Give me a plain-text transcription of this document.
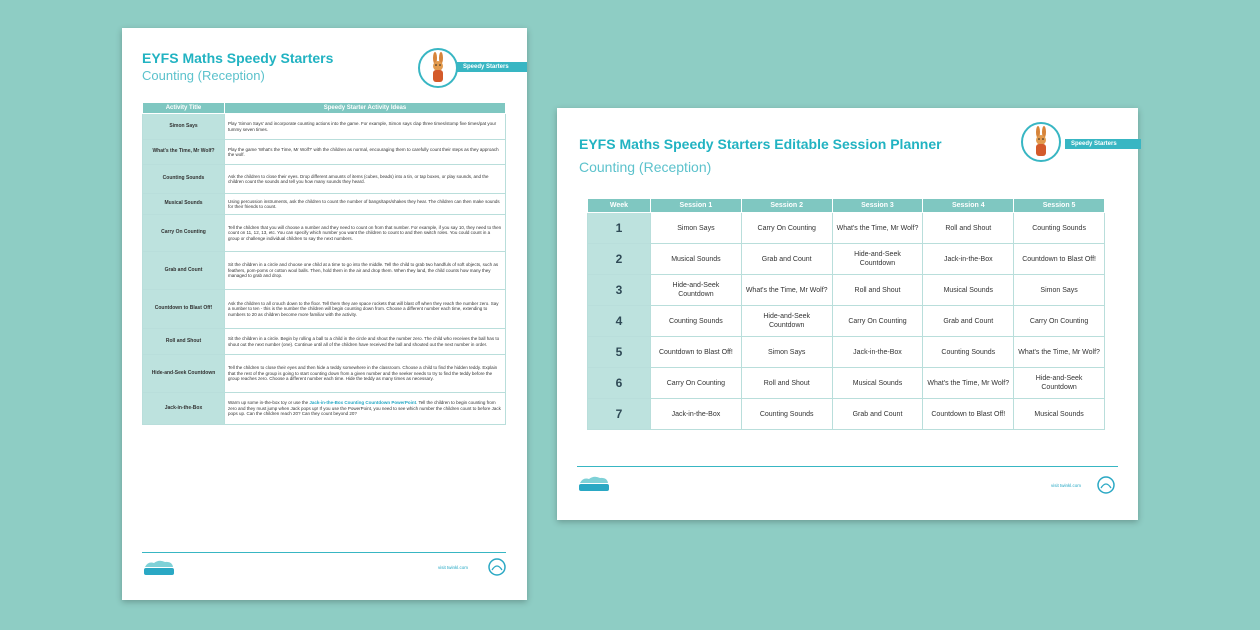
EYFS Maths Speedy Starters
Counting (Reception)
Speedy Starters
Activity Title	Speedy Starter Activity Ideas
Simon Says	Play 'Simon Says' and incorporate counting actions into the game. For example, Simon says clap three times/stomp five times/pat your tummy seven times.
What's the Time, Mr Wolf?	Play the game 'What's the Time, Mr Wolf?' with the children as normal, encouraging them to carefully count their steps as they approach the wolf.
Counting Sounds	Ask the children to close their eyes. Drop different amounts of items (cubes, beads) into a tin, or tap boxes, or play sounds, and the children count the sounds and tell you how many sounds they heard.
Musical Sounds	Using percussion instruments, ask the children to count the number of bangs/taps/shakes they hear. The children can then make sounds for their friends to count.
Carry On Counting	Tell the children that you will choose a number and they need to count on from that number. For example, if you say 10, they need to then count on 11, 12, 13, etc. You can specify which number you want the children to count to and then switch roles. You could count in a group or challenge individual children to say the next numbers.
Grab and Count	Sit the children in a circle and choose one child at a time to go into the middle. Tell the child to grab two handfuls of soft objects, such as feathers, pom-poms or cotton wool balls. Then, hold them in the air and drop them. When they land, the child counts how many they managed to grab and drop.
Countdown to Blast Off!	Ask the children to all crouch down to the floor. Tell them they are space rockets that will blast off when they reach the number zero. Say a number to ten - this is the number the children will begin counting down from. Choose a different number each time, extending to numbers to 20 as children become more familiar with the activity.
Roll and Shout	Sit the children in a circle. Begin by rolling a ball to a child in the circle and shout the number zero. The child who receives the ball has to shout out the next number (one). Continue until all of the children have received the ball and shouted out the next number in order.
Hide-and-Seek Countdown	Tell the children to close their eyes and then hide a teddy somewhere in the classroom. Choose a child to find the hidden teddy. Explain that the rest of the group is going to start counting down from a given number and the seeker needs to try to find the teddy before the group reaches zero. Choose a different number each time. Hide the teddy as many times as necessary.
Jack-in-the-Box	Warm up some in-the-box toy or use the Jack-in-the-Box Counting Countdown PowerPoint. Tell the children to begin counting from zero and they must jump when Jack pops up! If you use the PowerPoint, you need to see which number the children count to before Jack pops up. Can the children reach 20? Can they count beyond 20?
visit twinkl.com
EYFS Maths Speedy Starters Editable Session Planner
Counting (Reception)
Speedy Starters
Week	Session 1	Session 2	Session 3	Session 4	Session 5
1	Simon Says	Carry On Counting	What's the Time, Mr Wolf?	Roll and Shout	Counting Sounds
2	Musical Sounds	Grab and Count	Hide-and-Seek Countdown	Jack-in-the-Box	Countdown to Blast Off!
3	Hide-and-Seek Countdown	What's the Time, Mr Wolf?	Roll and Shout	Musical Sounds	Simon Says
4	Counting Sounds	Hide-and-Seek Countdown	Carry On Counting	Grab and Count	Carry On Counting
5	Countdown to Blast Off!	Simon Says	Jack-in-the-Box	Counting Sounds	What's the Time, Mr Wolf?
6	Carry On Counting	Roll and Shout	Musical Sounds	What's the Time, Mr Wolf?	Hide-and-Seek Countdown
7	Jack-in-the-Box	Counting Sounds	Grab and Count	Countdown to Blast Off!	Musical Sounds
visit twinkl.com
